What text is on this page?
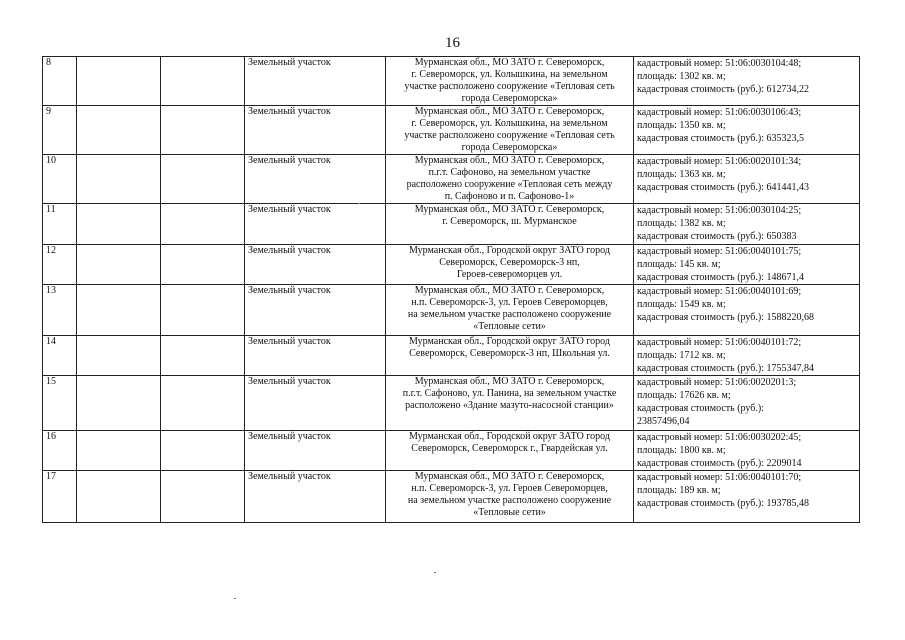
16
8			Земельный участок	Мурманская обл., МО ЗАТО г. Североморск,
г. Североморск, ул. Колышкина, на земельном
участке расположено сооружение «Тепловая сеть
города Североморска»	кадастровый номер: 51:06:0030104:48;
площадь: 1302 кв. м;
кадастровая стоимость (руб.): 612734,22

9			Земельный участок	Мурманская обл., МО ЗАТО г. Североморск,
г. Североморск, ул. Колышкина, на земельном
участке расположено сооружение «Тепловая сеть
города Североморска»	кадастровый номер: 51:06:0030106:43;
площадь: 1350 кв. м;
кадастровая стоимость (руб.): 635323,5

10			Земельный участок	Мурманская обл., МО ЗАТО г. Североморск,
п.г.т. Сафоново, на земельном участке
расположено сооружение «Тепловая сеть между
п. Сафоново и п. Сафоново-1»	кадастровый номер: 51:06:0020101:34;
площадь: 1363 кв. м;
кадастровая стоимость (руб.): 641441,43

11			Земельный участок	Мурманская обл., МО ЗАТО г. Североморск,
г. Североморск, ш. Мурманское	кадастровый номер: 51:06:0030104:25;
площадь: 1382 кв. м;
кадастровая стоимость (руб.): 650383

12			Земельный участок	Мурманская обл., Городской округ ЗАТО город
Североморск, Североморск-3 нп,
Героев-североморцев ул.	кадастровый номер: 51:06:0040101:75;
площадь: 145 кв. м;
кадастровая стоимость (руб.): 148671,4

13			Земельный участок	Мурманская обл., МО ЗАТО г. Североморск,
н.п. Североморск-3, ул. Героев Североморцев,
на земельном участке расположено сооружение
«Тепловые сети»	кадастровый номер: 51:06:0040101:69;
площадь: 1549 кв. м;
кадастровая стоимость (руб.): 1588220,68

14			Земельный участок	Мурманская обл., Городской округ ЗАТО город
Североморск, Североморск-3 нп, Школьная ул.	кадастровый номер: 51:06:0040101:72;
площадь: 1712 кв. м;
кадастровая стоимость (руб.): 1755347,84

15			Земельный участок	Мурманская обл., МО ЗАТО г. Североморск,
п.г.т. Сафоново, ул. Панина, на земельном участке
расположено «Здание мазуто-насосной станции»	кадастровый номер: 51:06:0020201:3;
площадь: 17626 кв. м;
кадастровая стоимость (руб.):
23857496,04

16			Земельный участок	Мурманская обл., Городской округ ЗАТО город
Североморск, Североморск г., Гвардейская ул.	кадастровый номер: 51:06:0030202:45;
площадь: 1800 кв. м;
кадастровая стоимость (руб.): 2209014

17			Земельный участок	Мурманская обл., МО ЗАТО г. Североморск,
н.п. Североморск-3, ул. Героев Североморцев,
на земельном участке расположено сооружение
«Тепловые сети»	кадастровый номер: 51:06:0040101:70;
площадь: 189 кв. м;
кадастровая стоимость (руб.): 193785,48
